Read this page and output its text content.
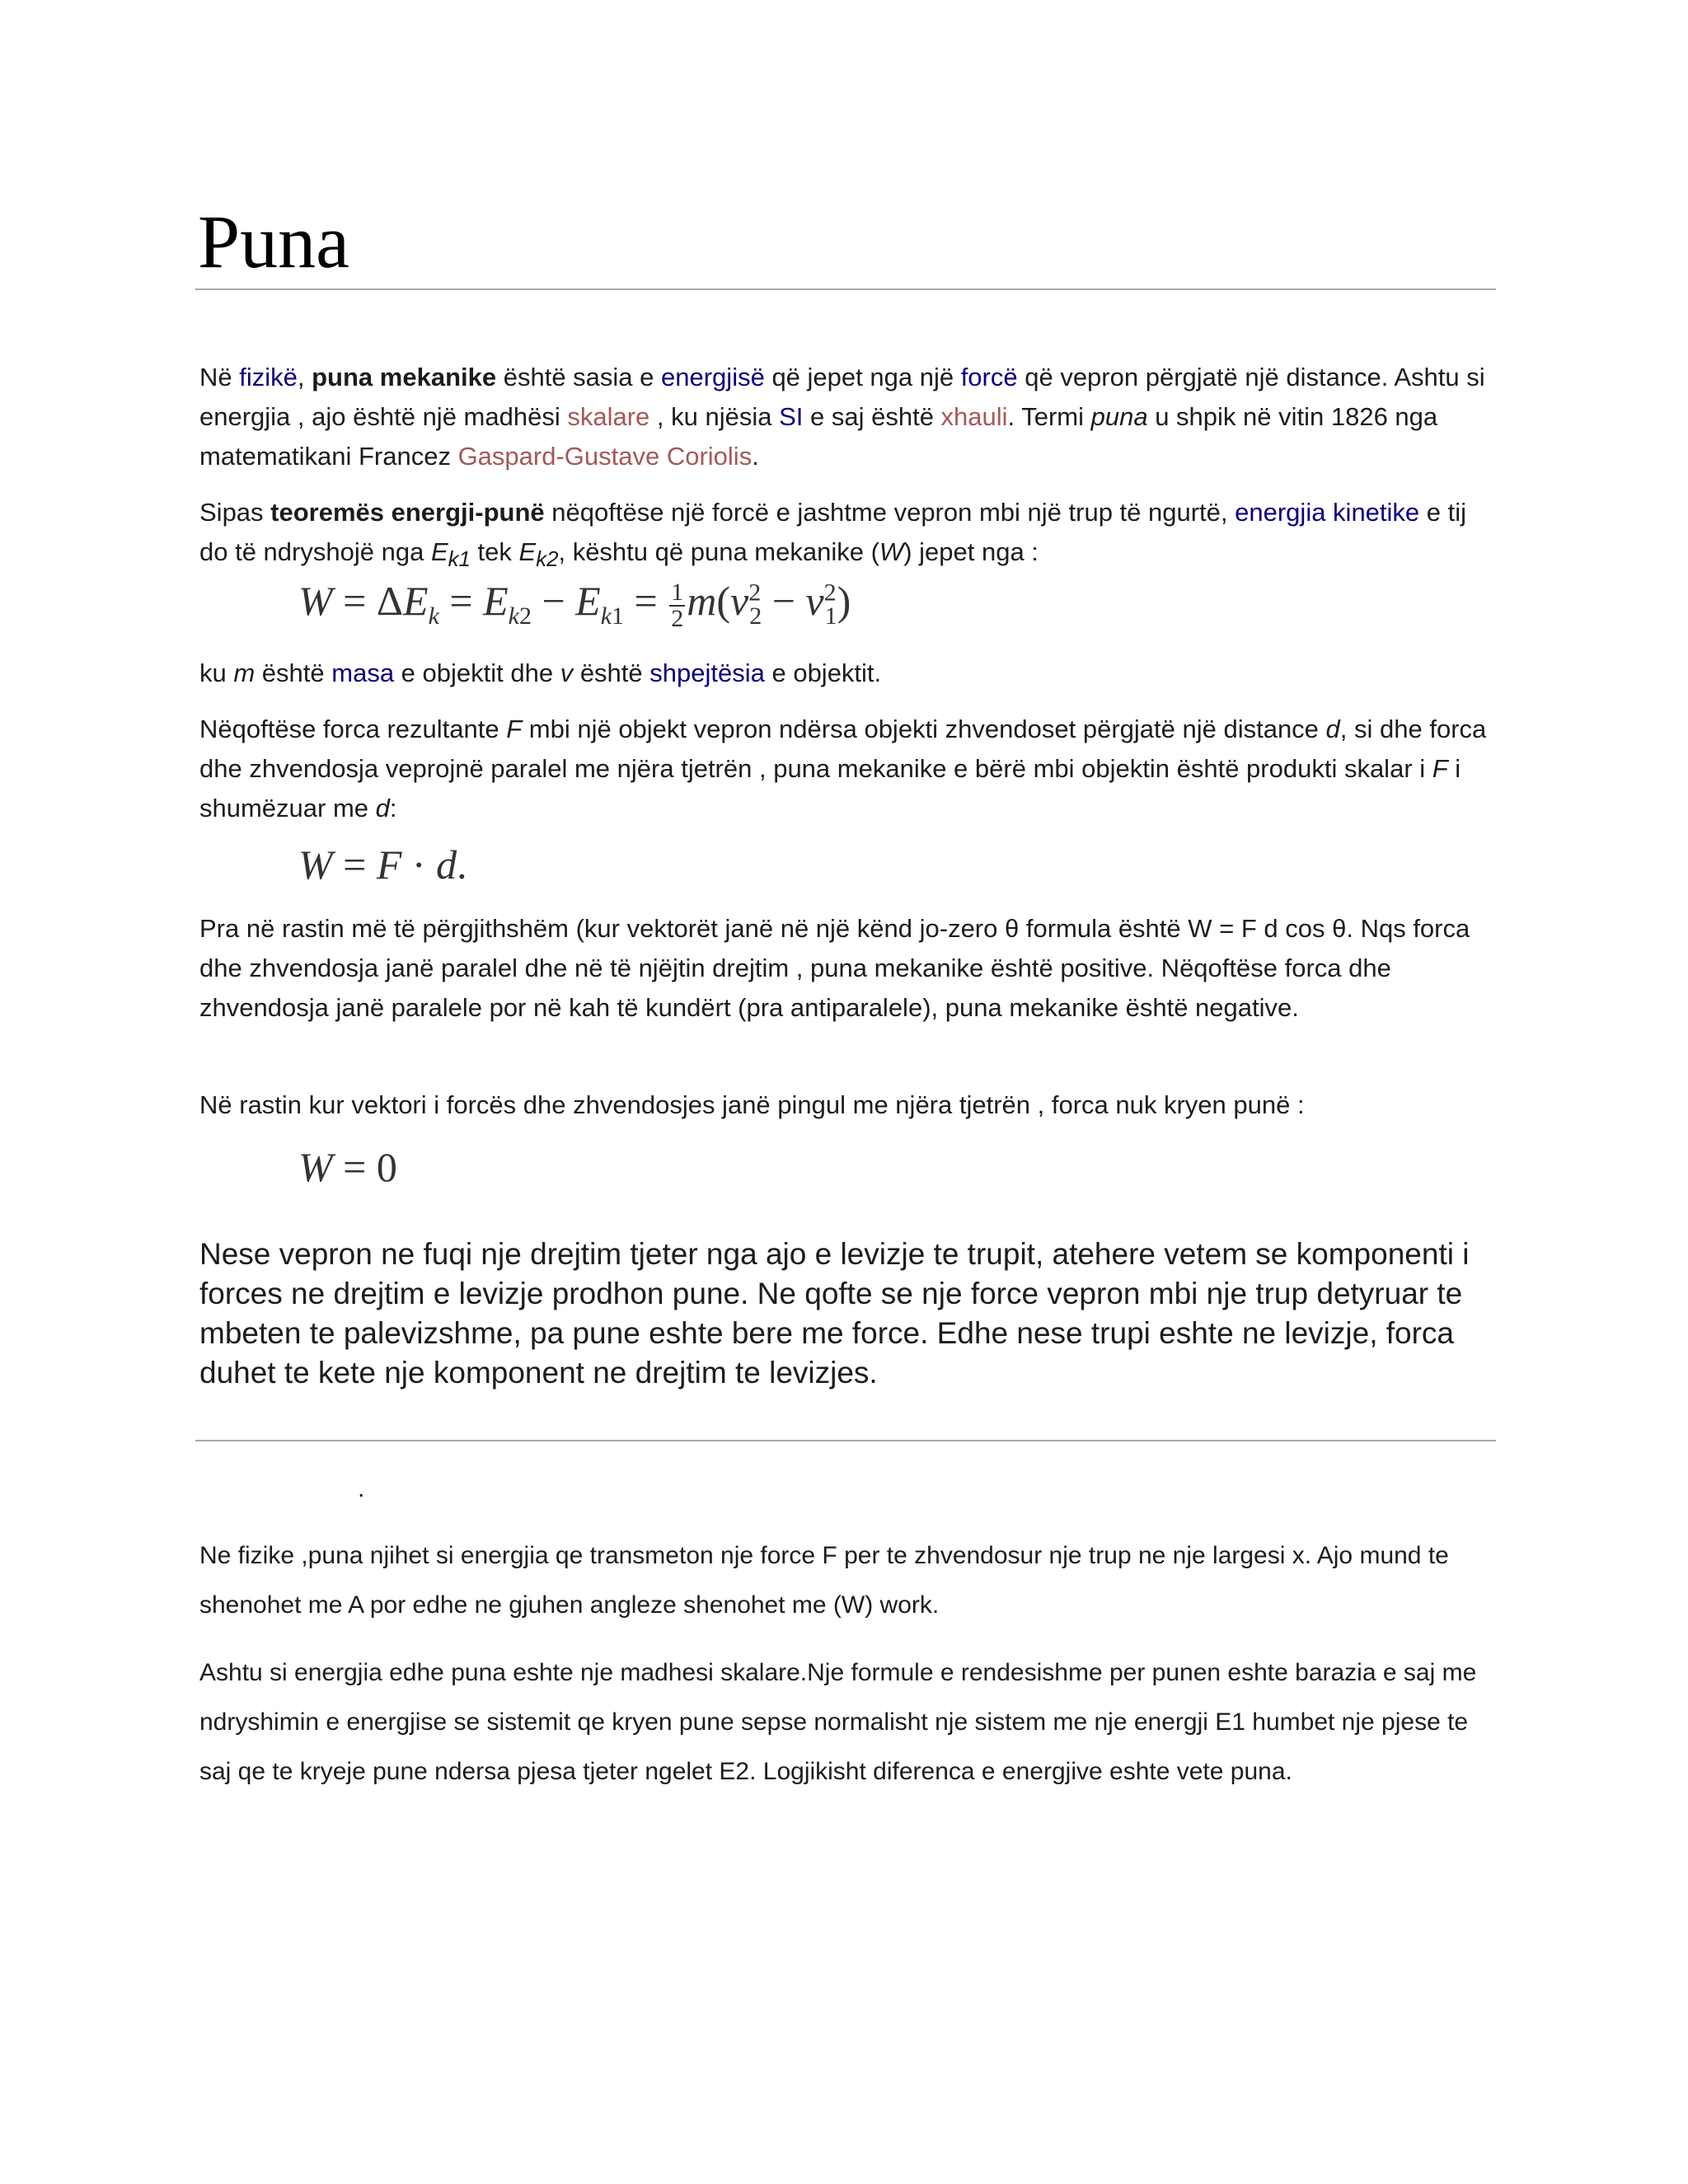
Puna

Në fizikë, puna mekanike është sasia e energjisë që jepet nga një forcë që vepron përgjatë një distance. Ashtu si energjia , ajo është një madhësi skalare , ku njësia SI e saj është xhauli. Termi puna u shpik në vitin 1826 nga matematikani Francez Gaspard-Gustave Coriolis.

Sipas teoremës energji-punë nëqoftëse një forcë e jashtme vepron mbi një trup të ngurtë, energjia kinetike e tij do të ndryshojë nga $E_{k1}$ tek $E_{k2}$, kështu që puna mekanike (W) jepet nga :

$W = \Delta E_k = E_{k2} - E_{k1} = \frac{1}{2} m(v^2_2 - v^2_1)$

ku m është masa e objektit dhe v është shpejtësia e objektit.

Nëqoftëse forca rezultante F mbi një objekt vepron ndërsa objekti zhvendoset përgjatë një distance d, si dhe forca dhe zhvendosja veprojnë paralel me njëra tjetrën , puna mekanike e bërë mbi objektin është produkti skalar i F i shumëzuar me d:

W = F · d.

Pra në rastin më të përgjithshëm (kur vektorët janë në një kënd jo-zero θ formula është W = F d cos θ. Nqs forca dhe zhvendosja janë paralel dhe në të njëjtin drejtim , puna mekanike është positive. Nëqoftëse forca dhe zhvendosja janë paralele por në kah të kundërt (pra antiparalele), puna mekanike është negative.

Në rastin kur vektori i forcës dhe zhvendosjes janë pingul me njëra tjetrën , forca nuk kryen punë :

W = 0

Nese vepron ne fuqi nje drejtim tjeter nga ajo e levizje te trupit, atehere vetem se komponenti i forces ne drejtim e levizje prodhon pune. Ne qofte se nje force vepron mbi nje trup detyruar te mbeten te palevizshme, pa pune eshte bere me force. Edhe nese trupi eshte ne levizje, forca duhet te kete nje komponent ne drejtim te levizjes.

.

Ne fizike ,puna njihet si energjia qe transmeton nje force F per te zhvendosur nje trup ne nje largesi x. Ajo mund te shenohet me A por edhe ne gjuhen angleze shenohet me (W) work.

Ashtu si energjia edhe puna eshte nje madhesi skalare.Nje formule e rendesishme per punen eshte barazia e saj me ndryshimin e energjise se sistemit qe kryen pune sepse normalisht nje sistem me nje energji E1 humbet nje pjese te saj qe te kryeje pune ndersa pjesa tjeter ngelet E2. Logjikisht diferenca e energjive eshte vete puna.
